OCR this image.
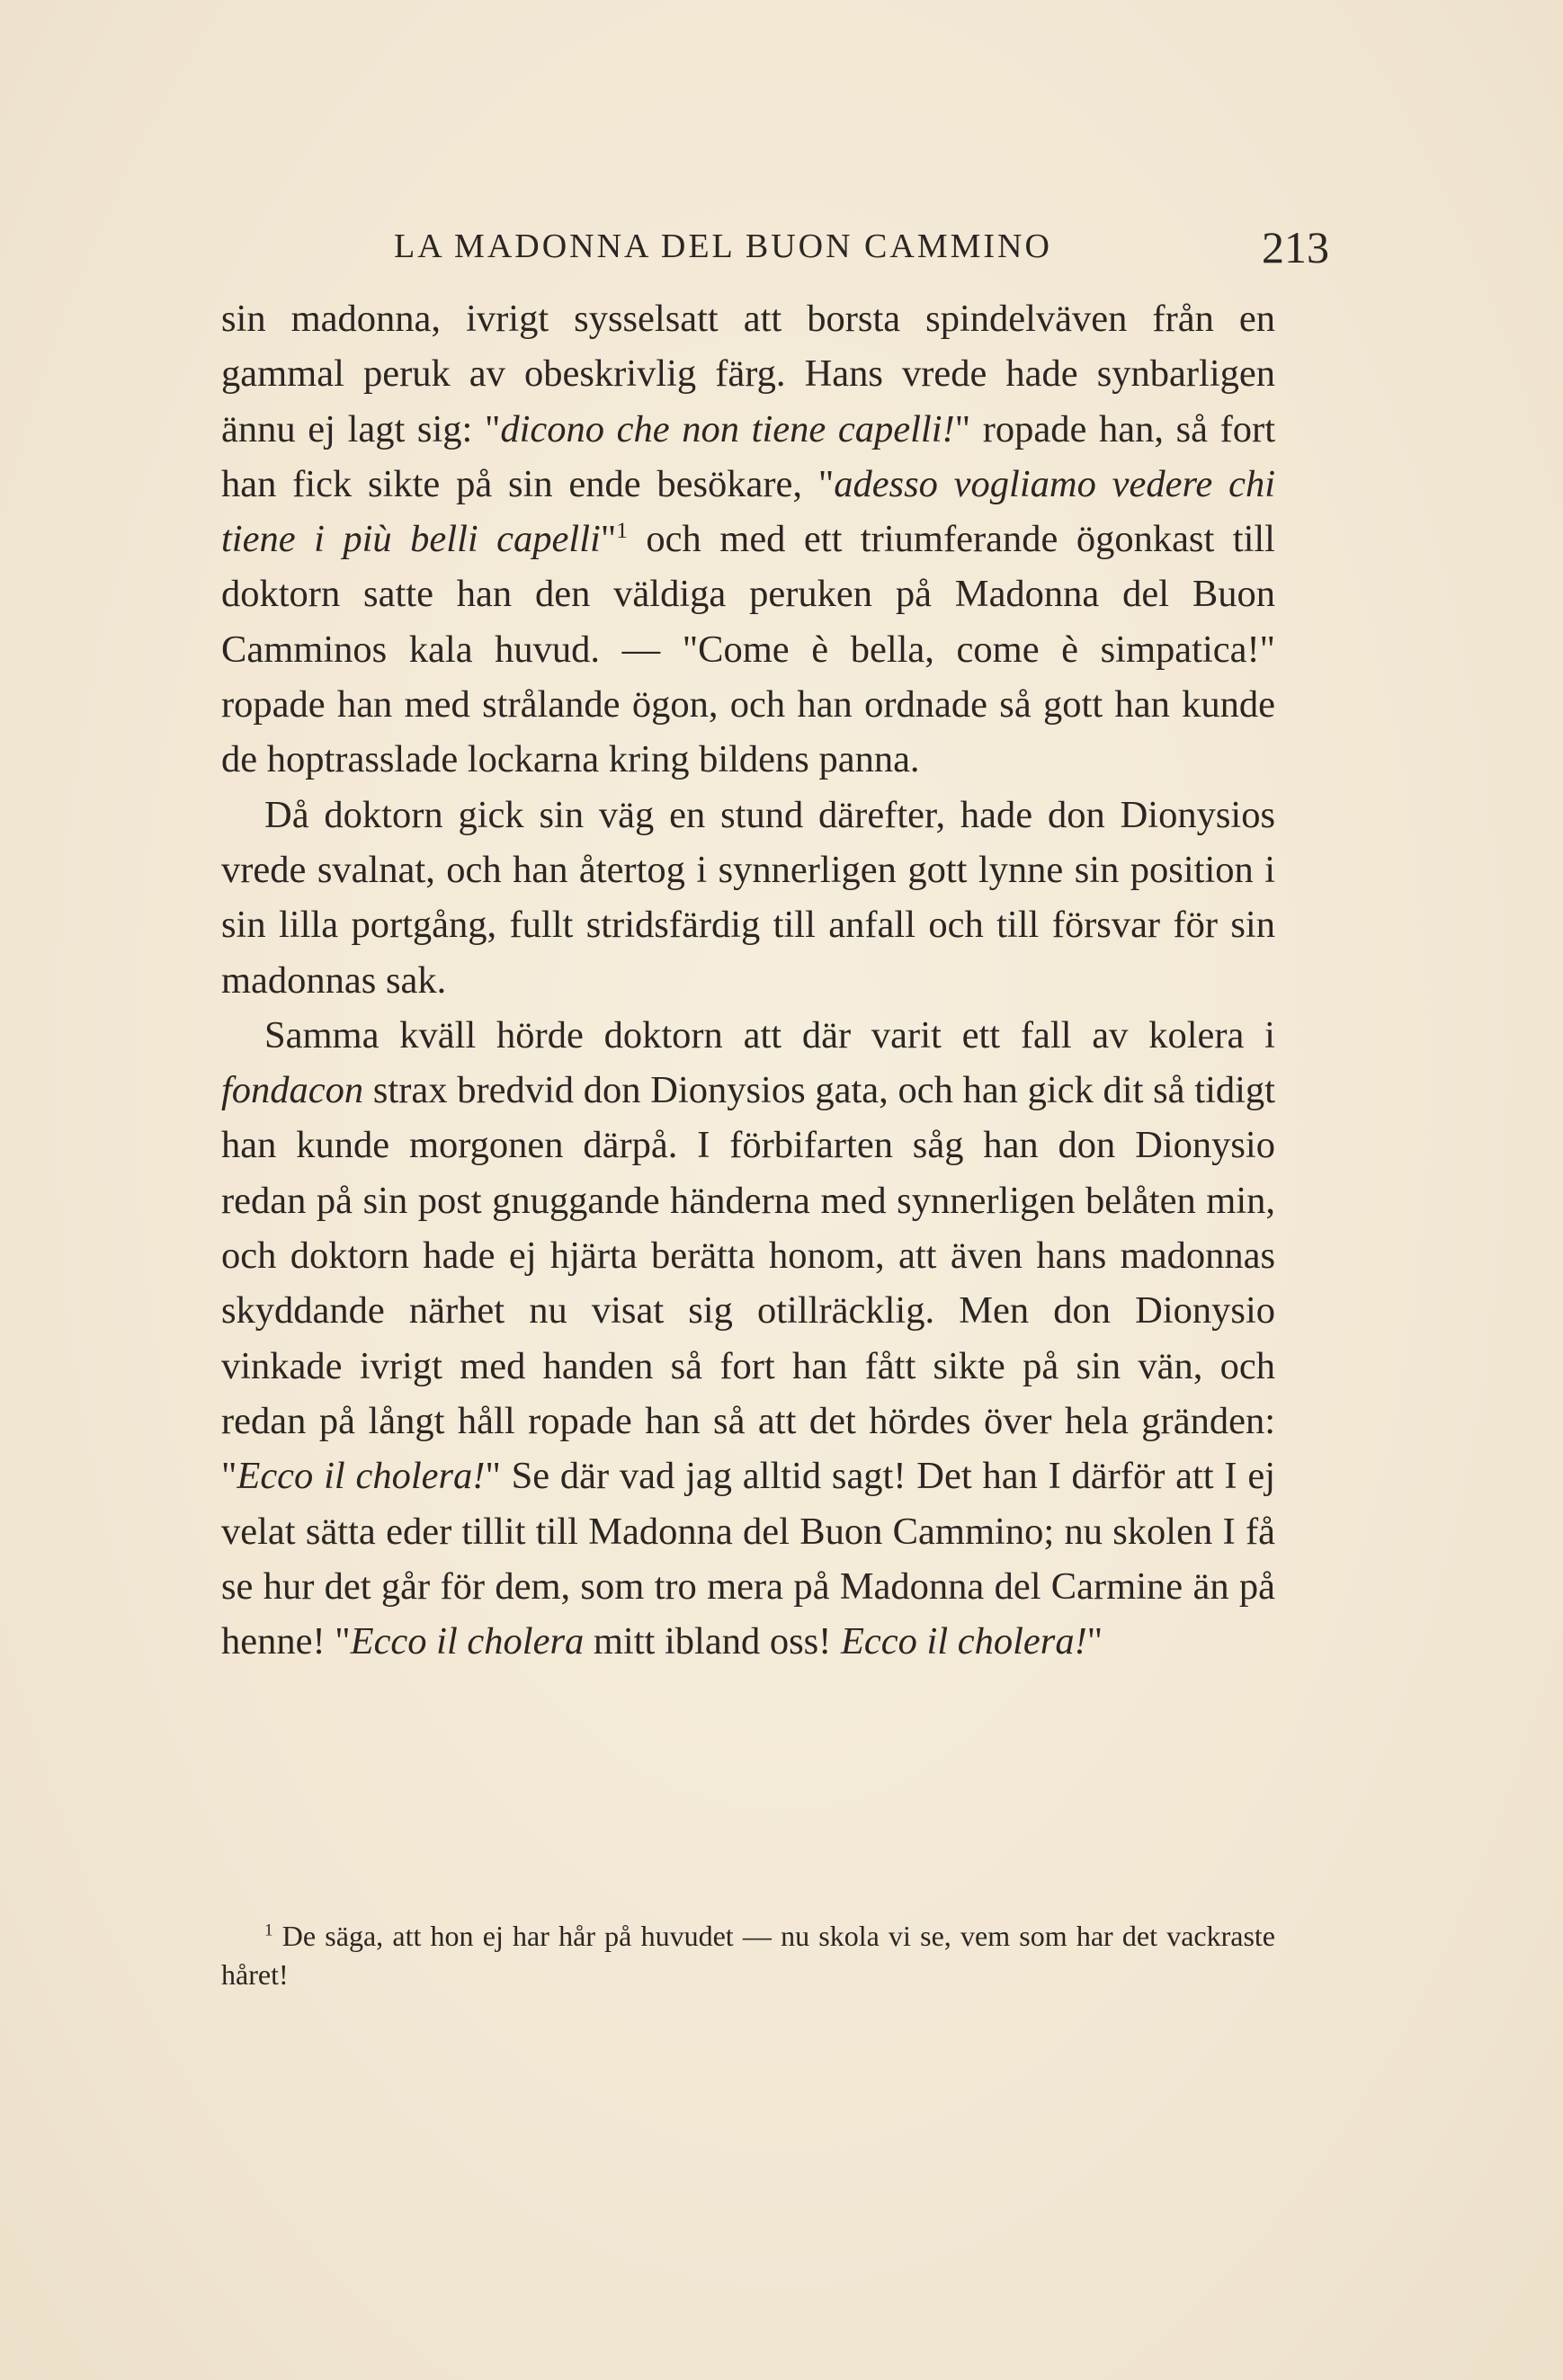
LA MADONNA DEL BUON CAMMINO	213

sin madonna, ivrigt sysselsatt att borsta spindelväven från en gammal peruk av obeskrivlig färg. Hans vrede hade synbarligen ännu ej lagt sig: "dicono che non tiene capelli!" ropade han, så fort han fick sikte på sin ende besökare, "adesso vogliamo vedere chi tiene i più belli capelli"$^1$ och med ett triumferande ögonkast till doktorn satte han den väldiga peruken på Madonna del Buon Camminos kala huvud. — "Come è bella, come è simpatica!" ropade han med strålande ögon, och han ordnade så gott han kunde de hoptrasslade lockarna kring bildens panna.

Då doktorn gick sin väg en stund därefter, hade don Dionysios vrede svalnat, och han återtog i synnerligen gott lynne sin position i sin lilla portgång, fullt stridsfärdig till anfall och till försvar för sin madonnas sak.

Samma kväll hörde doktorn att där varit ett fall av kolera i fondacon strax bredvid don Dionysios gata, och han gick dit så tidigt han kunde morgonen därpå. I förbifarten såg han don Dionysio redan på sin post gnuggande händerna med synnerligen belåten min, och doktorn hade ej hjärta berätta honom, att även hans madonnas skyddande närhet nu visat sig otillräcklig. Men don Dionysio vinkade ivrigt med handen så fort han fått sikte på sin vän, och redan på långt håll ropade han så att det hördes över hela gränden: "Ecco il cholera!" Se där vad jag alltid sagt! Det han I därför att I ej velat sätta eder tillit till Madonna del Buon Cammino; nu skolen I få se hur det går för dem, som tro mera på Madonna del Carmine än på henne! "Ecco il cholera mitt ibland oss! Ecco il cholera!"

$^1$ De säga, att hon ej har hår på huvudet — nu skola vi se, vem som har det vackraste håret!
